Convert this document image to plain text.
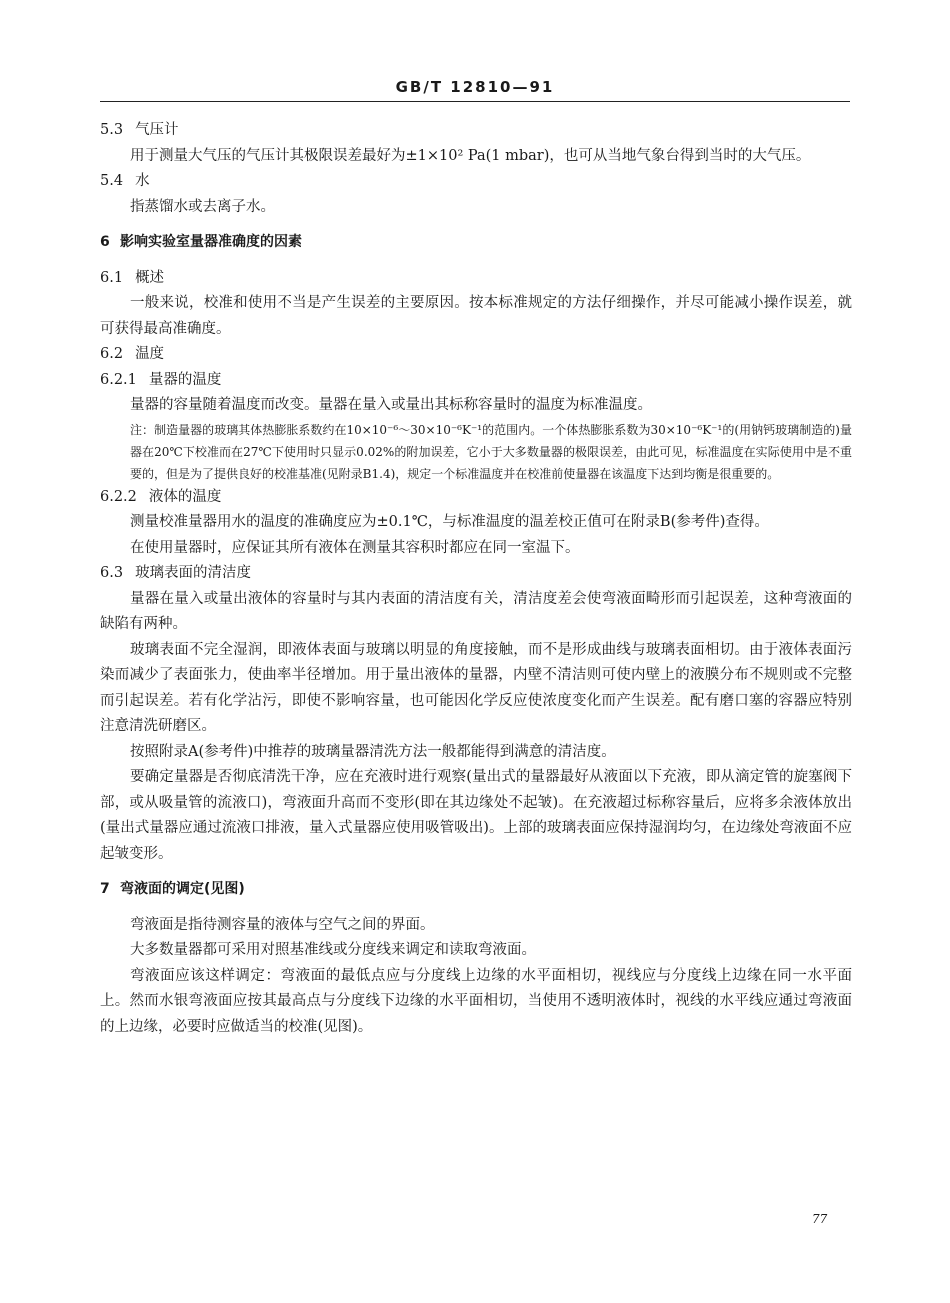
GB/T 12810—91

5.3 气压计

用于测量大气压的气压计其极限误差最好为±1×10² Pa(1 mbar)，也可从当地气象台得到当时的大气压。

5.4 水

指蒸馏水或去离子水。

6 影响实验室量器准确度的因素

6.1 概述

一般来说，校准和使用不当是产生误差的主要原因。按本标准规定的方法仔细操作，并尽可能减小操作误差，就可获得最高准确度。

6.2 温度

6.2.1 量器的温度

量器的容量随着温度而改变。量器在量入或量出其标称容量时的温度为标准温度。

注：制造量器的玻璃其体热膨胀系数约在10×10⁻⁶～30×10⁻⁶K⁻¹的范围内。一个体热膨胀系数为30×10⁻⁶K⁻¹的(用钠钙玻璃制造的)量器在20℃下校准而在27℃下使用时只显示0.02%的附加误差，它小于大多数量器的极限误差，由此可见，标准温度在实际使用中是不重要的，但是为了提供良好的校准基准(见附录B1.4)，规定一个标准温度并在校准前使量器在该温度下达到均衡是很重要的。

6.2.2 液体的温度

测量校准量器用水的温度的准确度应为±0.1℃，与标准温度的温差校正值可在附录B(参考件)查得。

在使用量器时，应保证其所有液体在测量其容积时都应在同一室温下。

6.3 玻璃表面的清洁度

量器在量入或量出液体的容量时与其内表面的清洁度有关，清洁度差会使弯液面畸形而引起误差，这种弯液面的缺陷有两种。

玻璃表面不完全湿润，即液体表面与玻璃以明显的角度接触，而不是形成曲线与玻璃表面相切。由于液体表面污染而减少了表面张力，使曲率半径增加。用于量出液体的量器，内壁不清洁则可使内壁上的液膜分布不规则或不完整而引起误差。若有化学沾污，即使不影响容量，也可能因化学反应使浓度变化而产生误差。配有磨口塞的容器应特别注意清洗研磨区。

按照附录A(参考件)中推荐的玻璃量器清洗方法一般都能得到满意的清洁度。

要确定量器是否彻底清洗干净，应在充液时进行观察(量出式的量器最好从液面以下充液，即从滴定管的旋塞阀下部，或从吸量管的流液口)，弯液面升高而不变形(即在其边缘处不起皱)。在充液超过标称容量后，应将多余液体放出(量出式量器应通过流液口排液，量入式量器应使用吸管吸出)。上部的玻璃表面应保持湿润均匀，在边缘处弯液面不应起皱变形。

7 弯液面的调定(见图)

弯液面是指待测容量的液体与空气之间的界面。

大多数量器都可采用对照基准线或分度线来调定和读取弯液面。

弯液面应该这样调定：弯液面的最低点应与分度线上边缘的水平面相切，视线应与分度线上边缘在同一水平面上。然而水银弯液面应按其最高点与分度线下边缘的水平面相切，当使用不透明液体时，视线的水平线应通过弯液面的上边缘，必要时应做适当的校准(见图)。

77
